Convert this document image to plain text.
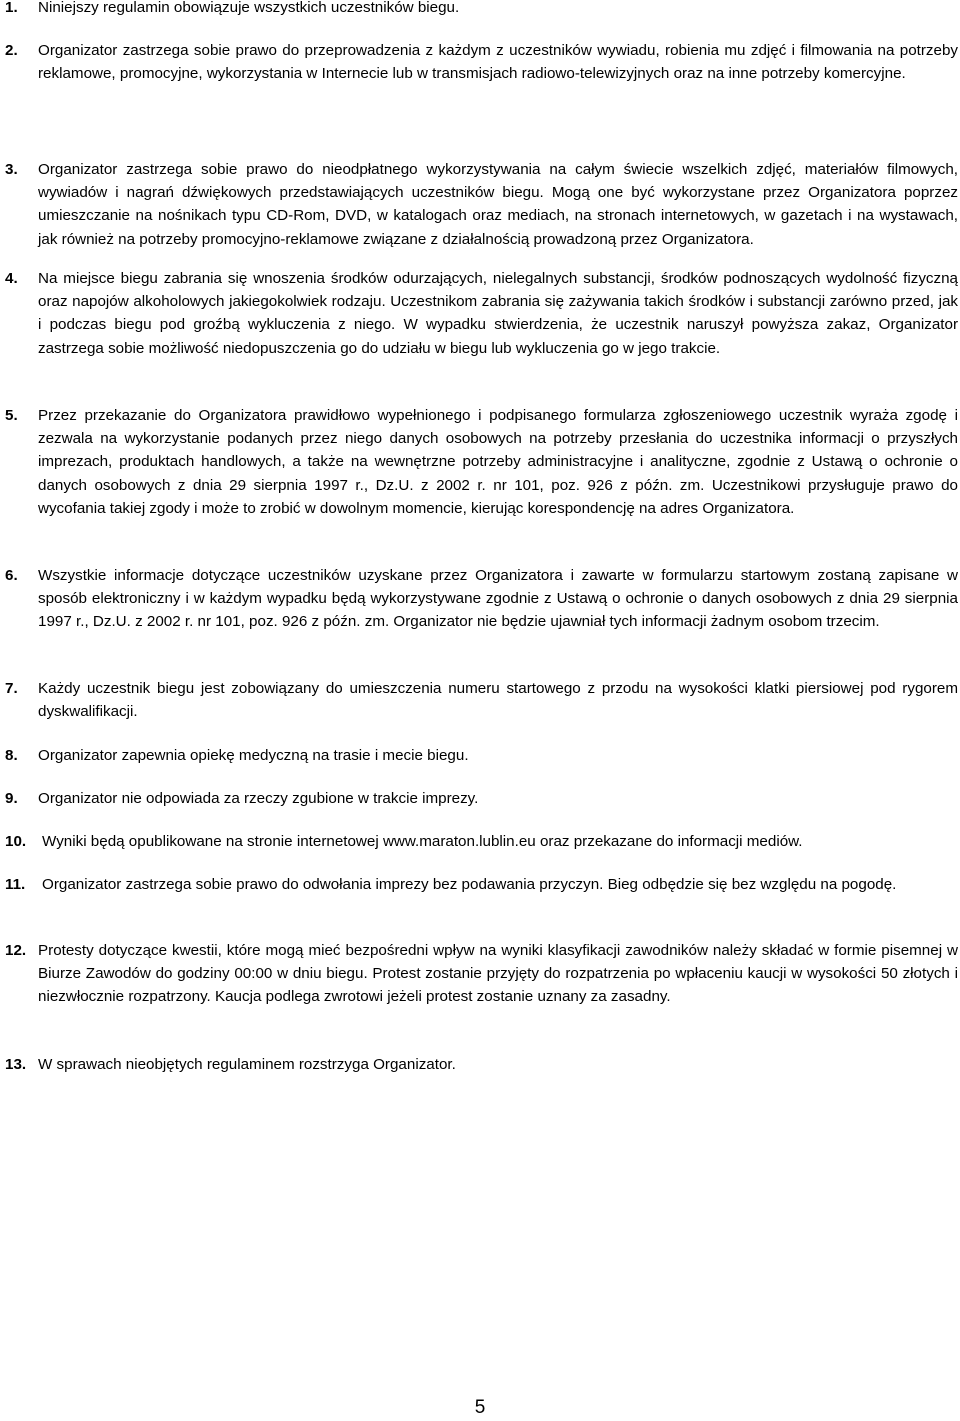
1.	Niniejszy regulamin obowiązuje wszystkich uczestników biegu.
2.	Organizator zastrzega sobie prawo do przeprowadzenia z każdym z uczestników wywiadu, robienia mu zdjęć i filmowania na potrzeby reklamowe, promocyjne, wykorzystania w Internecie lub w transmisjach radiowo-telewizyjnych oraz na inne potrzeby komercyjne.
3.	Organizator zastrzega sobie prawo do nieodpłatnego wykorzystywania na całym świecie wszelkich zdjęć, materiałów filmowych, wywiadów i nagrań dźwiękowych przedstawiających uczestników biegu. Mogą one być wykorzystane przez Organizatora poprzez umieszczanie na nośnikach typu CD-Rom, DVD, w katalogach oraz mediach, na stronach internetowych, w gazetach i na wystawach, jak również na potrzeby promocyjno-reklamowe związane z działalnością prowadzoną przez Organizatora.
4.	Na miejsce biegu zabrania się wnoszenia środków odurzających, nielegalnych substancji, środków podnoszących wydolność fizyczną oraz napojów alkoholowych jakiegokolwiek rodzaju. Uczestnikom zabrania się zażywania takich środków i substancji zarówno przed, jak i podczas biegu pod groźbą wykluczenia z niego. W wypadku stwierdzenia, że uczestnik naruszył powyższa zakaz, Organizator zastrzega sobie możliwość niedopuszczenia go do udziału w biegu lub wykluczenia go w jego trakcie.
5.	Przez przekazanie do Organizatora prawidłowo wypełnionego i podpisanego formularza zgłoszeniowego uczestnik wyraża zgodę i zezwala na wykorzystanie podanych przez niego danych osobowych na potrzeby przesłania do uczestnika informacji o przyszłych imprezach, produktach handlowych, a także na wewnętrzne potrzeby administracyjne i analityczne, zgodnie z Ustawą o ochronie o danych osobowych z dnia 29 sierpnia 1997 r., Dz.U. z 2002 r. nr 101, poz. 926 z późn. zm. Uczestnikowi przysługuje prawo do wycofania takiej zgody i może to zrobić w dowolnym momencie, kierując korespondencję na adres Organizatora.
6.	Wszystkie informacje dotyczące uczestników uzyskane przez Organizatora i zawarte w formularzu startowym zostaną zapisane w sposób elektroniczny i w każdym wypadku będą wykorzystywane zgodnie z Ustawą o ochronie o danych osobowych z dnia 29 sierpnia 1997 r., Dz.U. z 2002 r. nr 101, poz. 926 z późn. zm. Organizator nie będzie ujawniał tych informacji żadnym osobom trzecim.
7.	Każdy uczestnik biegu jest zobowiązany do umieszczenia numeru startowego z przodu na wysokości klatki piersiowej pod rygorem dyskwalifikacji.
8.	Organizator zapewnia opiekę medyczną na trasie i mecie biegu.
9.	Organizator nie odpowiada za rzeczy zgubione w trakcie imprezy.
10.	Wyniki będą opublikowane na stronie internetowej www.maraton.lublin.eu oraz przekazane do informacji mediów.
11.	Organizator zastrzega sobie prawo do odwołania imprezy bez podawania przyczyn. Bieg odbędzie się bez względu na pogodę.
12. Protesty dotyczące kwestii, które mogą mieć bezpośredni wpływ na wyniki klasyfikacji zawodników należy składać w formie pisemnej w Biurze Zawodów do godziny 00:00 w dniu biegu. Protest zostanie przyjęty do rozpatrzenia po wpłaceniu kaucji w wysokości 50 złotych i niezwłocznie rozpatrzony. Kaucja podlega zwrotowi jeżeli protest zostanie uznany za zasadny.
13. W sprawach nieobjętych regulaminem rozstrzyga Organizator.
5
